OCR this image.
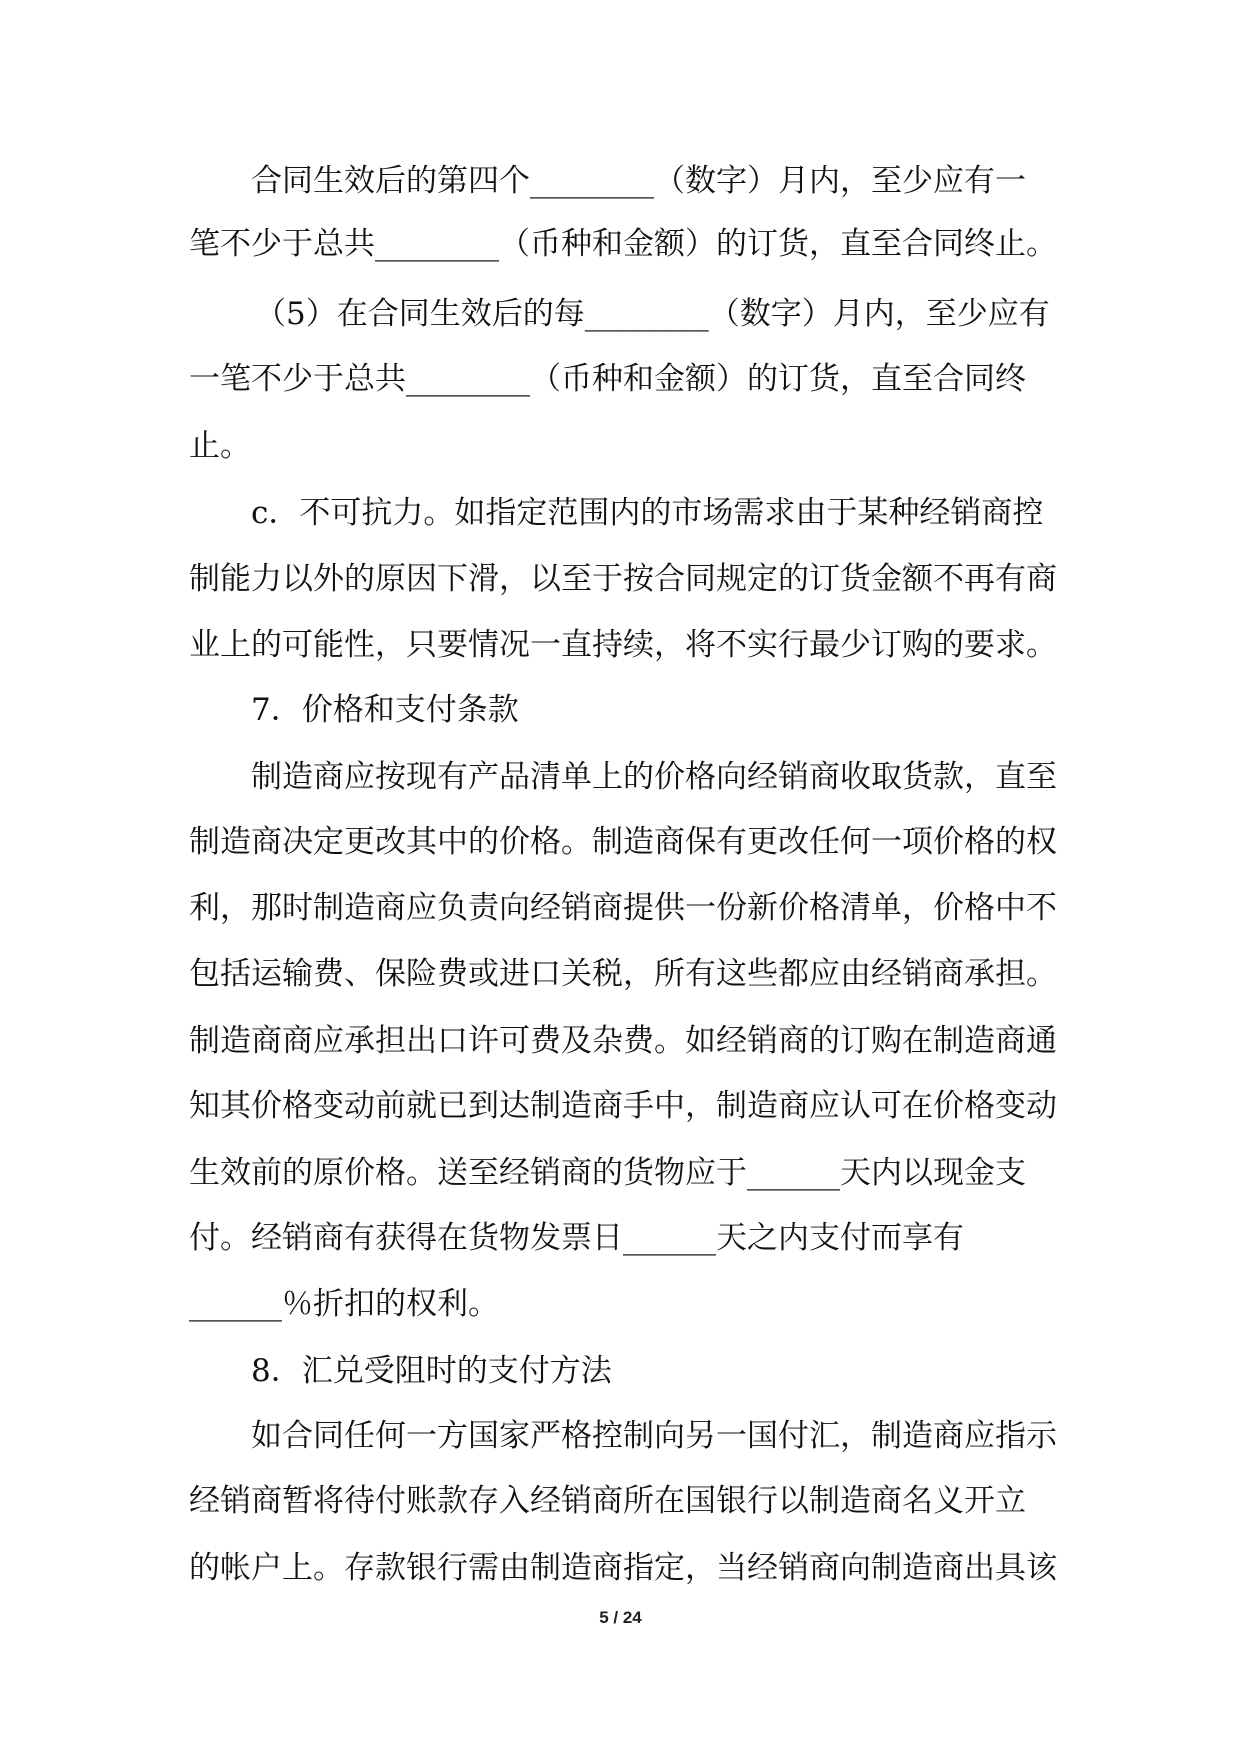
合同生效后的第四个________（数字）月内，至少应有一
笔不少于总共________（币种和金额）的订货，直至合同终止。
（5）在合同生效后的每________（数字）月内，至少应有
一笔不少于总共________（币种和金额）的订货，直至合同终
止。
c．不可抗力。如指定范围内的市场需求由于某种经销商控
制能力以外的原因下滑，以至于按合同规定的订货金额不再有商
业上的可能性，只要情况一直持续，将不实行最少订购的要求。
7．价格和支付条款
制造商应按现有产品清单上的价格向经销商收取货款，直至
制造商决定更改其中的价格。制造商保有更改任何一项价格的权
利，那时制造商应负责向经销商提供一份新价格清单，价格中不
包括运输费、保险费或进口关税，所有这些都应由经销商承担。
制造商商应承担出口许可费及杂费。如经销商的订购在制造商通
知其价格变动前就已到达制造商手中，制造商应认可在价格变动
生效前的原价格。送至经销商的货物应于______天内以现金支
付。经销商有获得在货物发票日______天之内支付而享有
______％折扣的权利。
8．汇兑受阻时的支付方法
如合同任何一方国家严格控制向另一国付汇，制造商应指示
经销商暂将待付账款存入经销商所在国银行以制造商名义开立
的帐户上。存款银行需由制造商指定，当经销商向制造商出具该
5 / 24
